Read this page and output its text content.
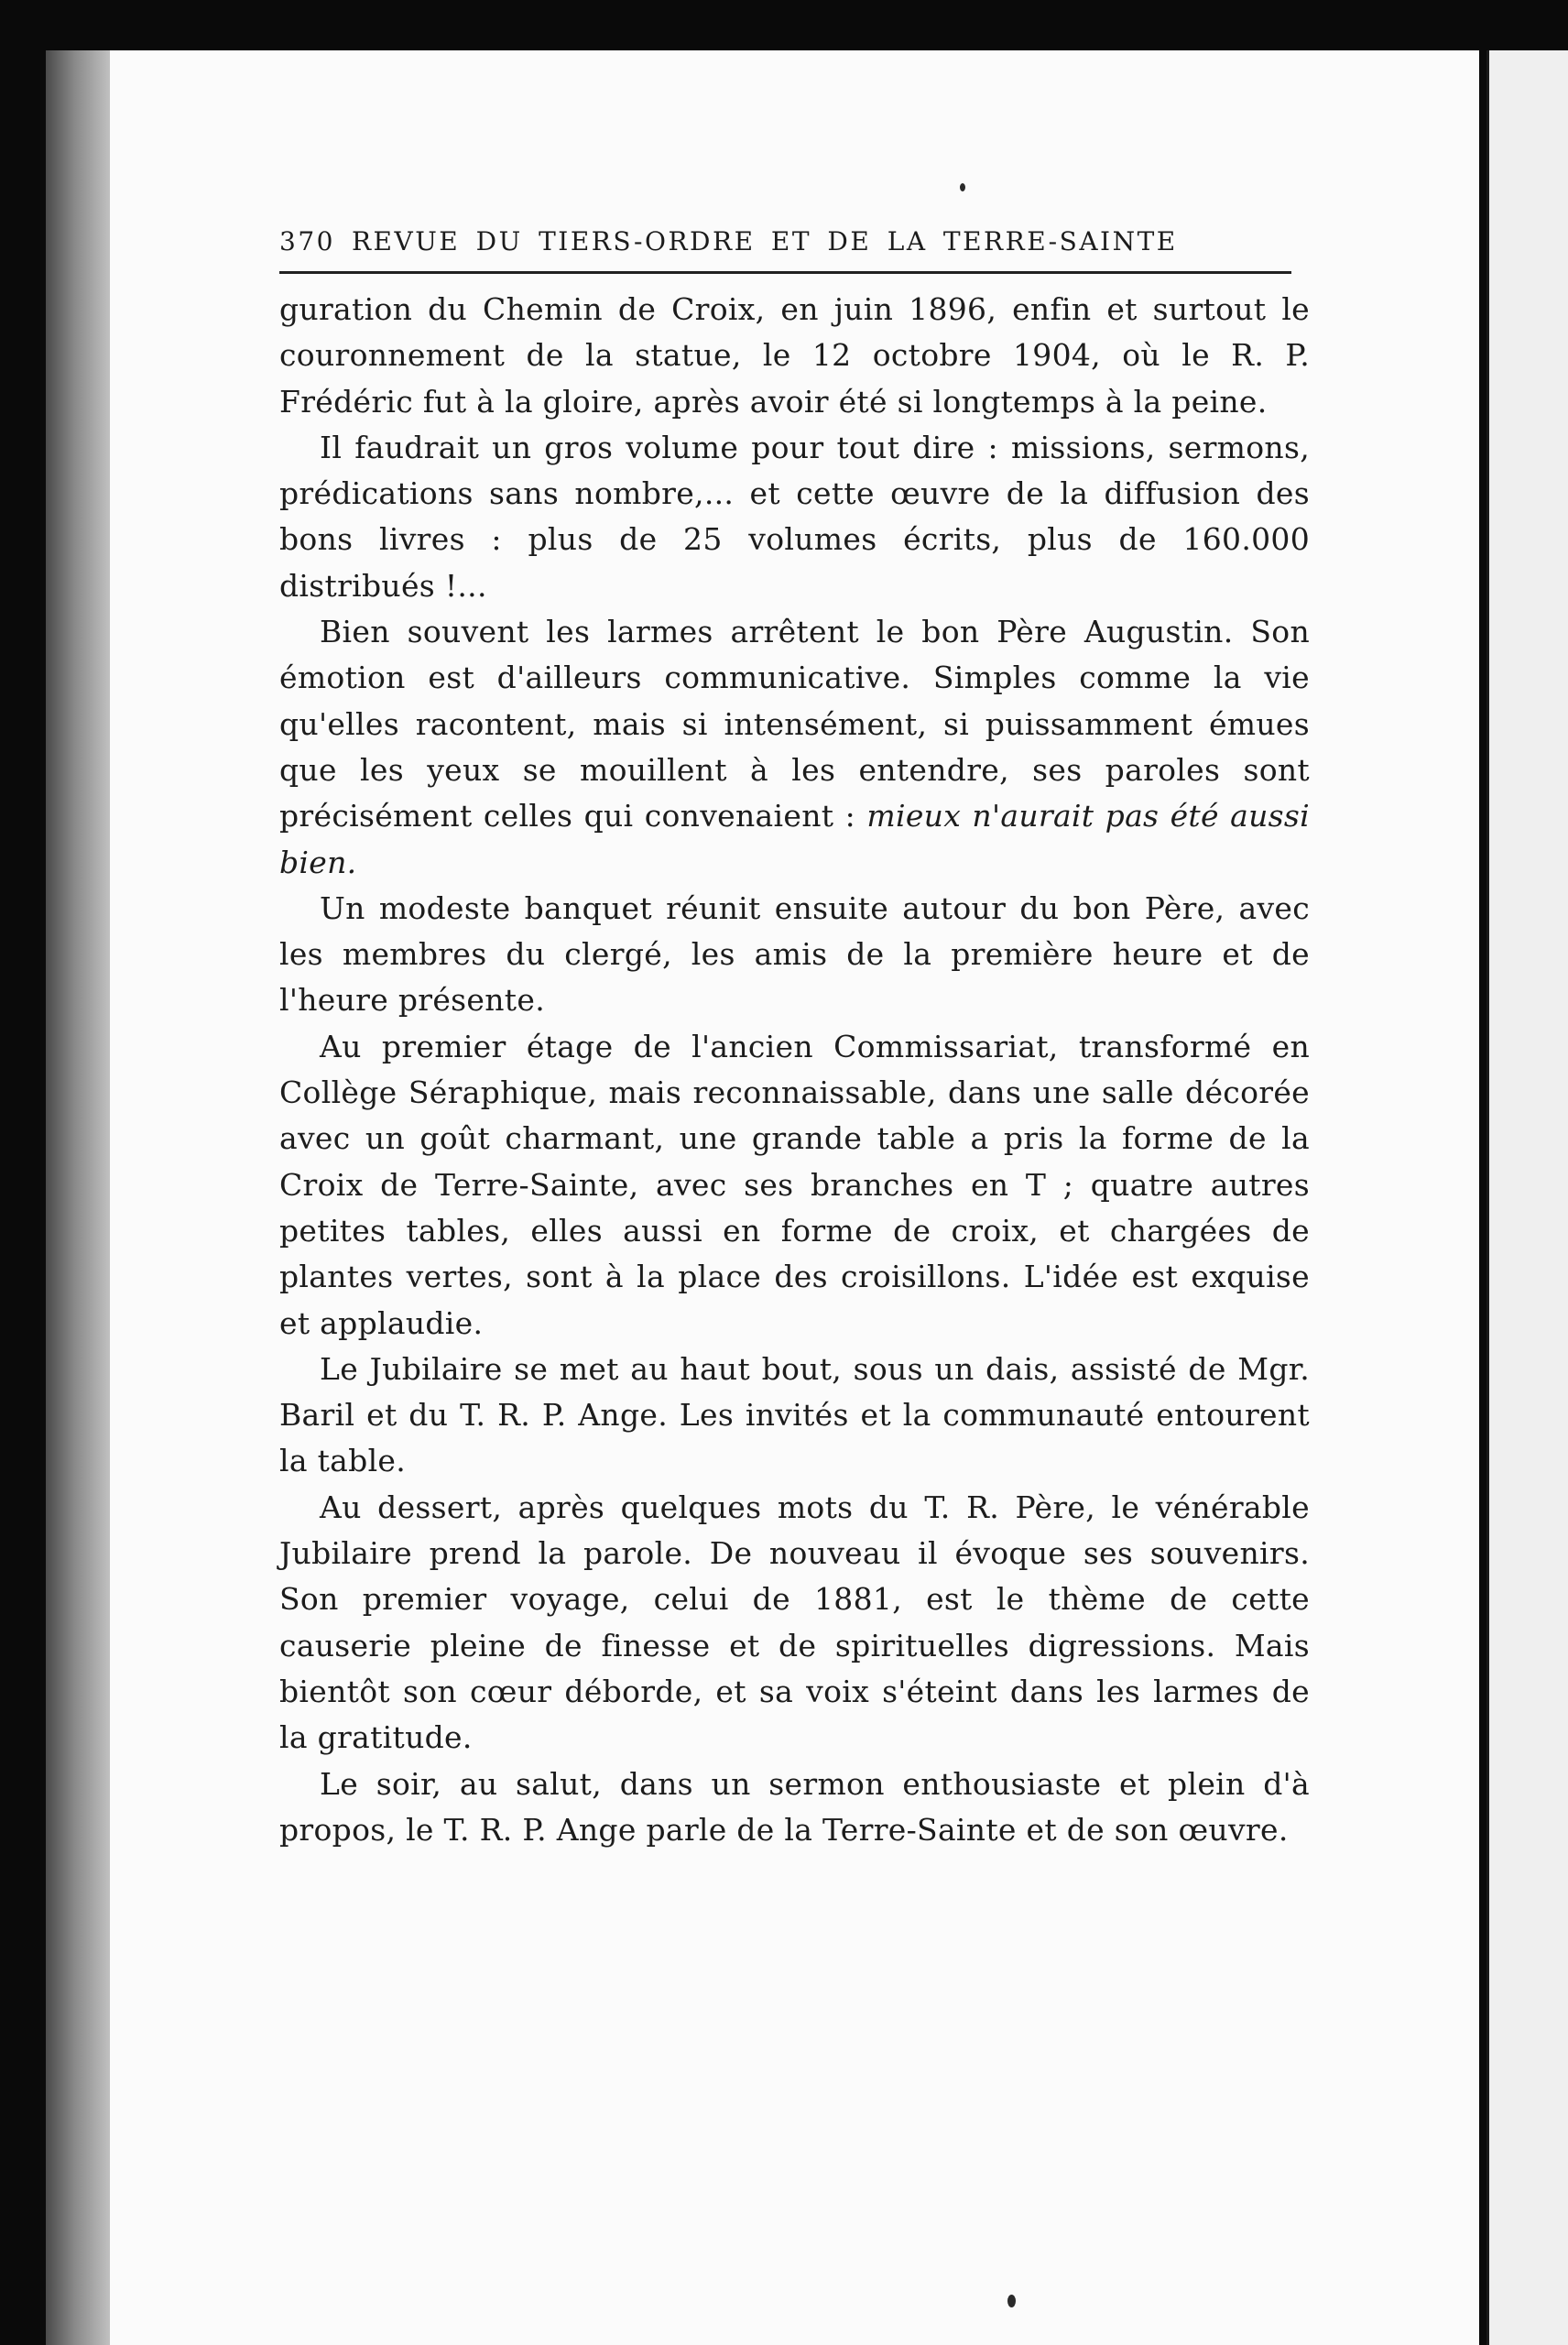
370 REVUE DU TIERS-ORDRE ET DE LA TERRE-SAINTE

guration du Chemin de Croix, en juin 1896, enfin et surtout le couronnement de la statue, le 12 octobre 1904, où le R. P. Frédéric fut à la gloire, après avoir été si longtemps à la peine.

Il faudrait un gros volume pour tout dire : missions, sermons, prédications sans nombre,... et cette œuvre de la diffusion des bons livres : plus de 25 volumes écrits, plus de 160.000 distribués !...

Bien souvent les larmes arrêtent le bon Père Augustin. Son émotion est d'ailleurs communicative. Simples comme la vie qu'elles racontent, mais si intensément, si puissamment émues que les yeux se mouillent à les entendre, ses paroles sont précisément celles qui convenaient : mieux n'aurait pas été aussi bien.

Un modeste banquet réunit ensuite autour du bon Père, avec les membres du clergé, les amis de la première heure et de l'heure présente.

Au premier étage de l'ancien Commissariat, transformé en Collège Séraphique, mais reconnaissable, dans une salle décorée avec un goût charmant, une grande table a pris la forme de la Croix de Terre-Sainte, avec ses branches en T ; quatre autres petites tables, elles aussi en forme de croix, et chargées de plantes vertes, sont à la place des croisillons. L'idée est exquise et applaudie.

Le Jubilaire se met au haut bout, sous un dais, assisté de Mgr. Baril et du T. R. P. Ange. Les invités et la communauté entourent la table.

Au dessert, après quelques mots du T. R. Père, le vénérable Jubilaire prend la parole. De nouveau il évoque ses souvenirs. Son premier voyage, celui de 1881, est le thème de cette causerie pleine de finesse et de spirituelles digressions. Mais bientôt son cœur déborde, et sa voix s'éteint dans les larmes de la gratitude.

Le soir, au salut, dans un sermon enthousiaste et plein d'à propos, le T. R. P. Ange parle de la Terre-Sainte et de son œuvre.
